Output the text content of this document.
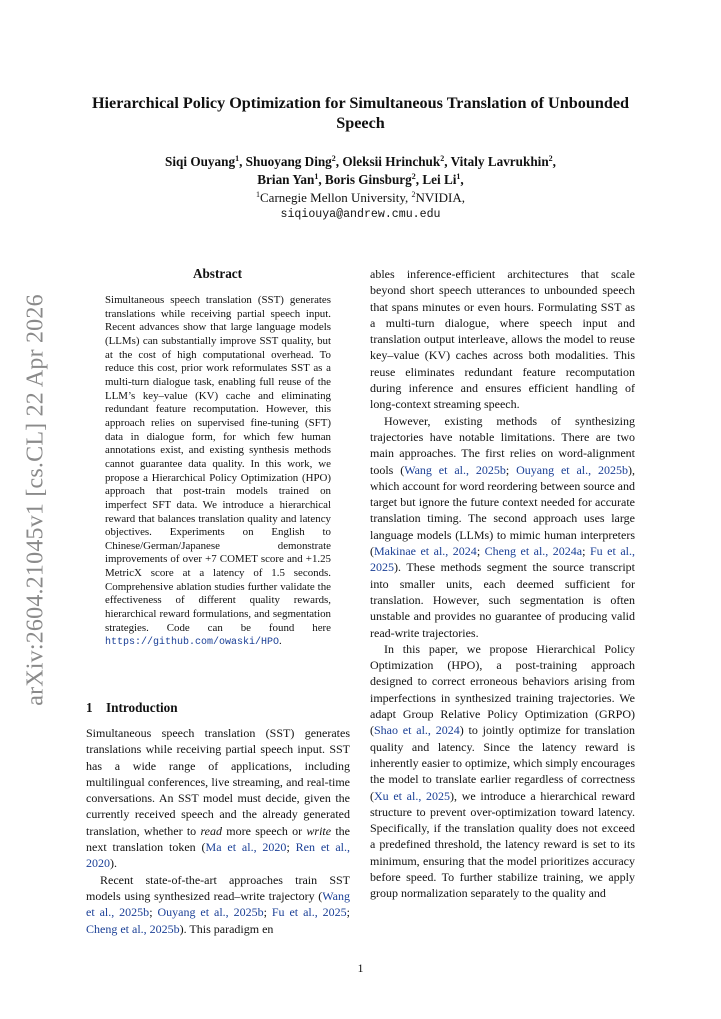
arXiv:2604.21045v1 [cs.CL] 22 Apr 2026
Hierarchical Policy Optimization for Simultaneous Translation of Unbounded Speech
Siqi Ouyang$^1$, Shuoyang Ding$^2$, Oleksii Hrinchuk$^2$, Vitaly Lavrukhin$^2$,
Brian Yan$^1$, Boris Ginsburg$^2$, Lei Li$^1$,
$^1$Carnegie Mellon University, $^2$NVIDIA,
siqiouya@andrew.cmu.edu
Abstract

Simultaneous speech translation (SST) generates translations while receiving partial speech input. Recent advances show that large language models (LLMs) can substantially improve SST quality, but at the cost of high computational overhead. To reduce this cost, prior work reformulates SST as a multi-turn dialogue task, enabling full reuse of the LLM’s key–value (KV) cache and eliminating redundant feature recomputation. However, this approach relies on supervised fine-tuning (SFT) data in dialogue form, for which few human annotations exist, and existing synthesis methods cannot guarantee data quality. In this work, we propose a Hierarchical Policy Optimization (HPO) approach that post-train models trained on imperfect SFT data. We introduce a hierarchical reward that balances translation quality and latency objectives. Experiments on English to Chinese/German/Japanese demonstrate improvements of over +7 COMET score and +1.25 MetricX score at a latency of 1.5 seconds. Comprehensive ablation studies further validate the effectiveness of different quality rewards, hierarchical reward formulations, and segmentation strategies. Code can be found here https://github.com/owaski/HPO.

1 Introduction

Simultaneous speech translation (SST) generates translations while receiving partial speech input. SST has a wide range of applications, including multilingual conferences, live streaming, and real-time conversations. An SST model must decide, given the currently received speech and the already generated translation, whether to read more speech or write the next translation token (Ma et al., 2020; Ren et al., 2020).

Recent state-of-the-art approaches train SST models using synthesized read–write trajectory (Wang et al., 2025b; Ouyang et al., 2025b; Fu et al., 2025; Cheng et al., 2025b). This paradigm en

ables inference-efficient architectures that scale beyond short speech utterances to unbounded speech that spans minutes or even hours. Formulating SST as a multi-turn dialogue, where speech input and translation output interleave, allows the model to reuse key–value (KV) caches across both modalities. This reuse eliminates redundant feature recomputation during inference and ensures efficient handling of long-context streaming speech.

However, existing methods of synthesizing trajectories have notable limitations. There are two main approaches. The first relies on word-alignment tools (Wang et al., 2025b; Ouyang et al., 2025b), which account for word reordering between source and target but ignore the future context needed for accurate translation timing. The second approach uses large language models (LLMs) to mimic human interpreters (Makinae et al., 2024; Cheng et al., 2024a; Fu et al., 2025). These methods segment the source transcript into smaller units, each deemed sufficient for translation. However, such segmentation is often unstable and provides no guarantee of producing valid read-write trajectories.

In this paper, we propose Hierarchical Policy Optimization (HPO), a post-training approach designed to correct erroneous behaviors arising from imperfections in synthesized training trajectories. We adapt Group Relative Policy Optimization (GRPO) (Shao et al., 2024) to jointly optimize for translation quality and latency. Since the latency reward is inherently easier to optimize, which simply encourages the model to translate earlier regardless of correctness (Xu et al., 2025), we introduce a hierarchical reward structure to prevent over-optimization toward latency. Specifically, if the translation quality does not exceed a predefined threshold, the latency reward is set to its minimum, ensuring that the model prioritizes accuracy before speed. To further stabilize training, we apply group normalization separately to the quality and

1
